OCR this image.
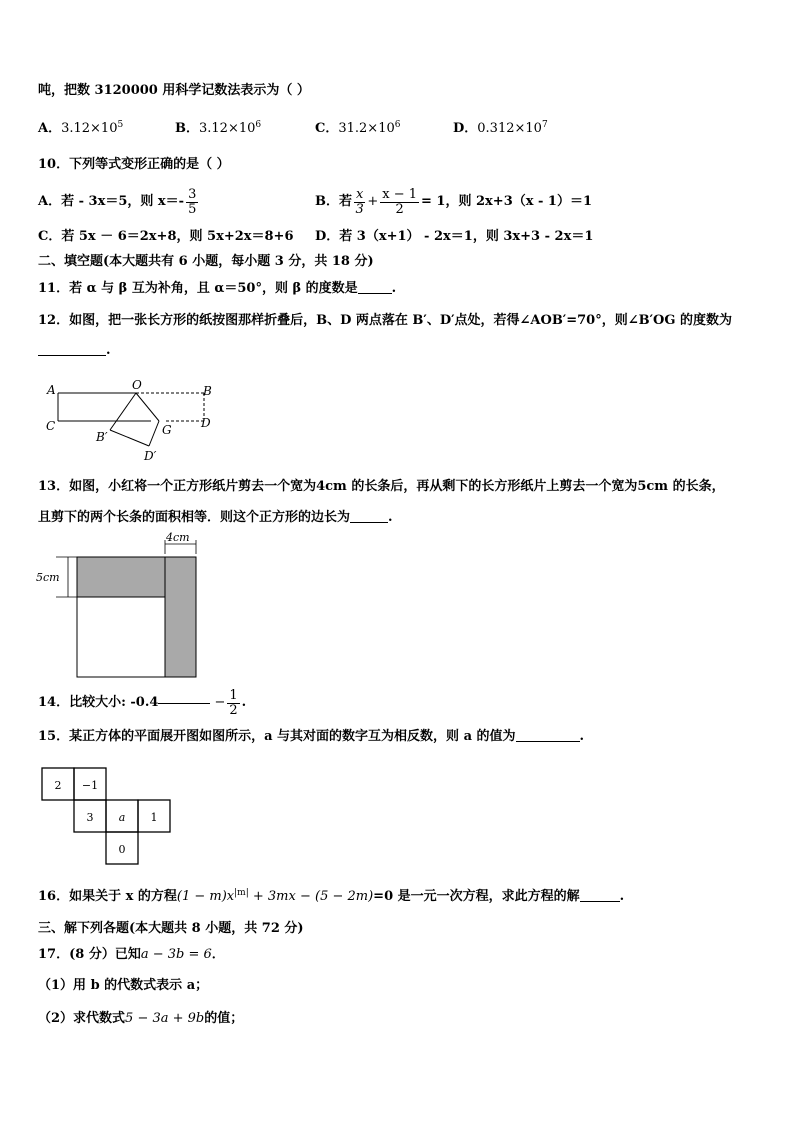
吨，把数 3120000 用科学记数法表示为（ ）
A．$3.12\times 10^5$	B．$3.12\times 10^6$	C．$31.2\times 10^6$	D．$0.312\times 10^7$
10．下列等式变形正确的是（ ）
A．若 - 3x＝5，则 $x=- \frac{3}{5}$	B．若 $\frac{x}{3} + \frac{x - 1}{2} = 1$，则 2x+3（x - 1）＝1
C．若 5x － 6＝2x+8，则 5x+2x＝8+6 D．若 3（x+1） - 2x＝1，则 3x+3 - 2x＝1
二、填空题(本大题共有 6 小题，每小题 3 分，共 18 分)
11．若 α 与 β 互为补角，且 α＝50°，则 β 的度数是	.
12．如图，把一张长方形的纸按图那样折叠后，B、D 两点落在 B′、D′点处，若得∠AOB′=70°，则∠B′OG 的度数为
.
A	O	B
C	G D
B′
D′
13．如图，小红将一个正方形纸片剪去一个宽为4cm 的长条后，再从剩下的长方形纸片上剪去一个宽为5cm 的长条，
且剪下的两个长条的面积相等．则这个正方形的边长为	.
4cm
5cm
14．比较大小: -0.4	− $\frac{1}{2}$ .
15．某正方体的平面展开图如图所示，a 与其对面的数字互为相反数，则 a 的值为	.
2 −1
3 a 1
0
16．如果关于 x 的方程$(1 - m)x^{|m|} + 3mx - (5 - 2m)=0$ 是一元一次方程，求此方程的解	.
三、解下列各题(本大题共 8 小题，共 72 分)
17．(8 分）已知a − 3b = 6．
（1）用 b 的代数式表示 a；
（2）求代数式5 − 3a + 9b的值；
